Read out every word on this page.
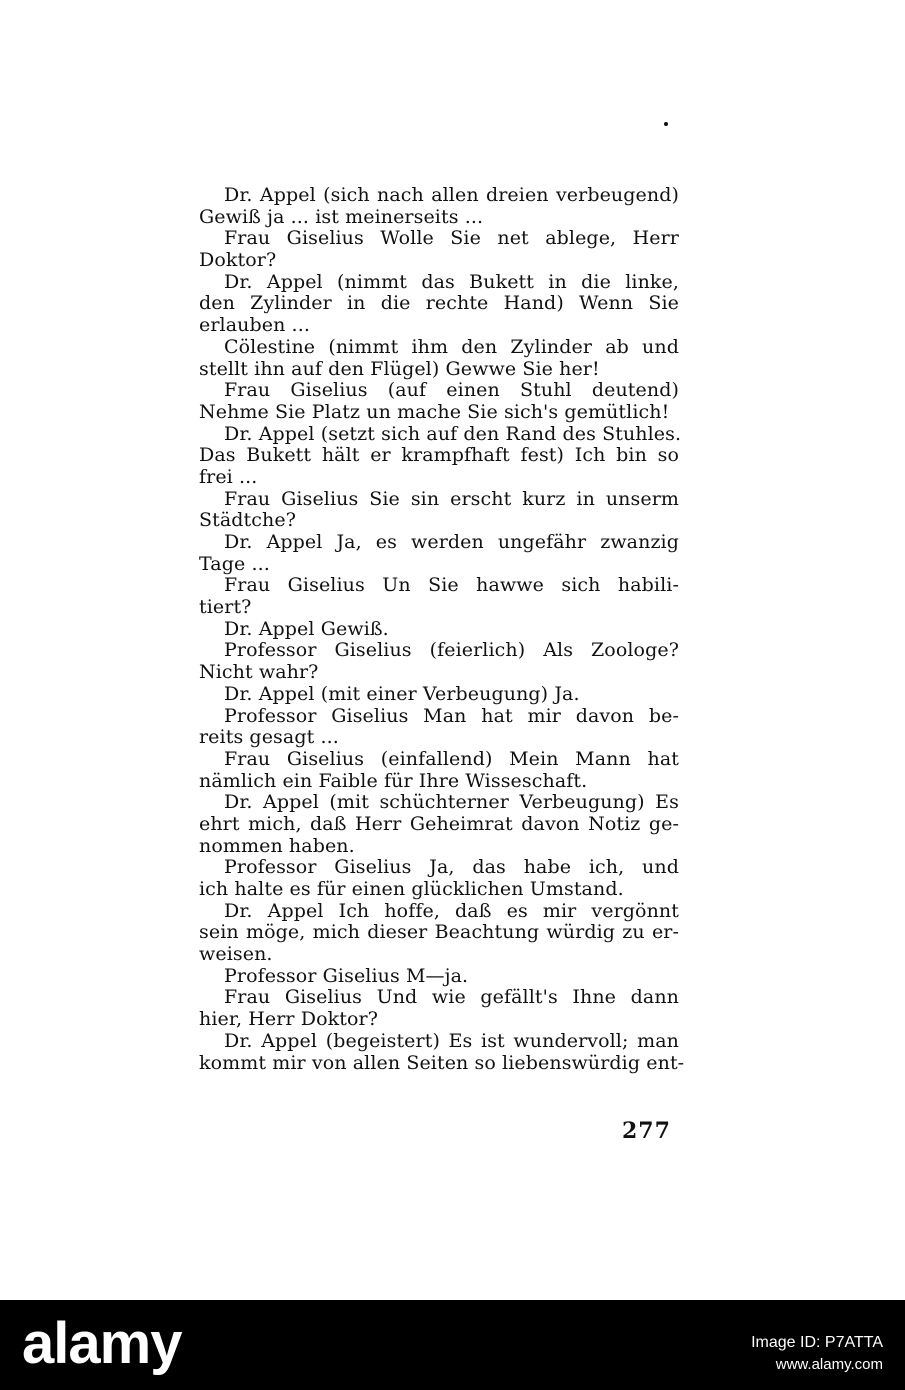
Dr. Appel (sich nach allen dreien verbeugend)
Gewiß ja ... ist meinerseits ...
Frau Giselius Wolle Sie net ablege, Herr
Doktor?
Dr. Appel (nimmt das Bukett in die linke,
den Zylinder in die rechte Hand) Wenn Sie
erlauben ...
Cölestine (nimmt ihm den Zylinder ab und
stellt ihn auf den Flügel) Gewwe Sie her!
Frau Giselius (auf einen Stuhl deutend)
Nehme Sie Platz un mache Sie sich's gemütlich!
Dr. Appel (setzt sich auf den Rand des Stuhles.
Das Bukett hält er krampfhaft fest) Ich bin so
frei ...
Frau Giselius Sie sin erscht kurz in unserm
Städtche?
Dr. Appel Ja, es werden ungefähr zwanzig
Tage ...
Frau Giselius Un Sie hawwe sich habili-
tiert?
Dr. Appel Gewiß.
Professor Giselius (feierlich) Als Zoologe?
Nicht wahr?
Dr. Appel (mit einer Verbeugung) Ja.
Professor Giselius Man hat mir davon be-
reits gesagt ...
Frau Giselius (einfallend) Mein Mann hat
nämlich ein Faible für Ihre Wisseschaft.
Dr. Appel (mit schüchterner Verbeugung) Es
ehrt mich, daß Herr Geheimrat davon Notiz ge-
nommen haben.
Professor Giselius Ja, das habe ich, und
ich halte es für einen glücklichen Umstand.
Dr. Appel Ich hoffe, daß es mir vergönnt
sein möge, mich dieser Beachtung würdig zu er-
weisen.
Professor Giselius M—ja.
Frau Giselius Und wie gefällt's Ihne dann
hier, Herr Doktor?
Dr. Appel (begeistert) Es ist wundervoll; man
kommt mir von allen Seiten so liebenswürdig ent-
277
alamy	Image ID: P7ATTA
www.alamy.com
